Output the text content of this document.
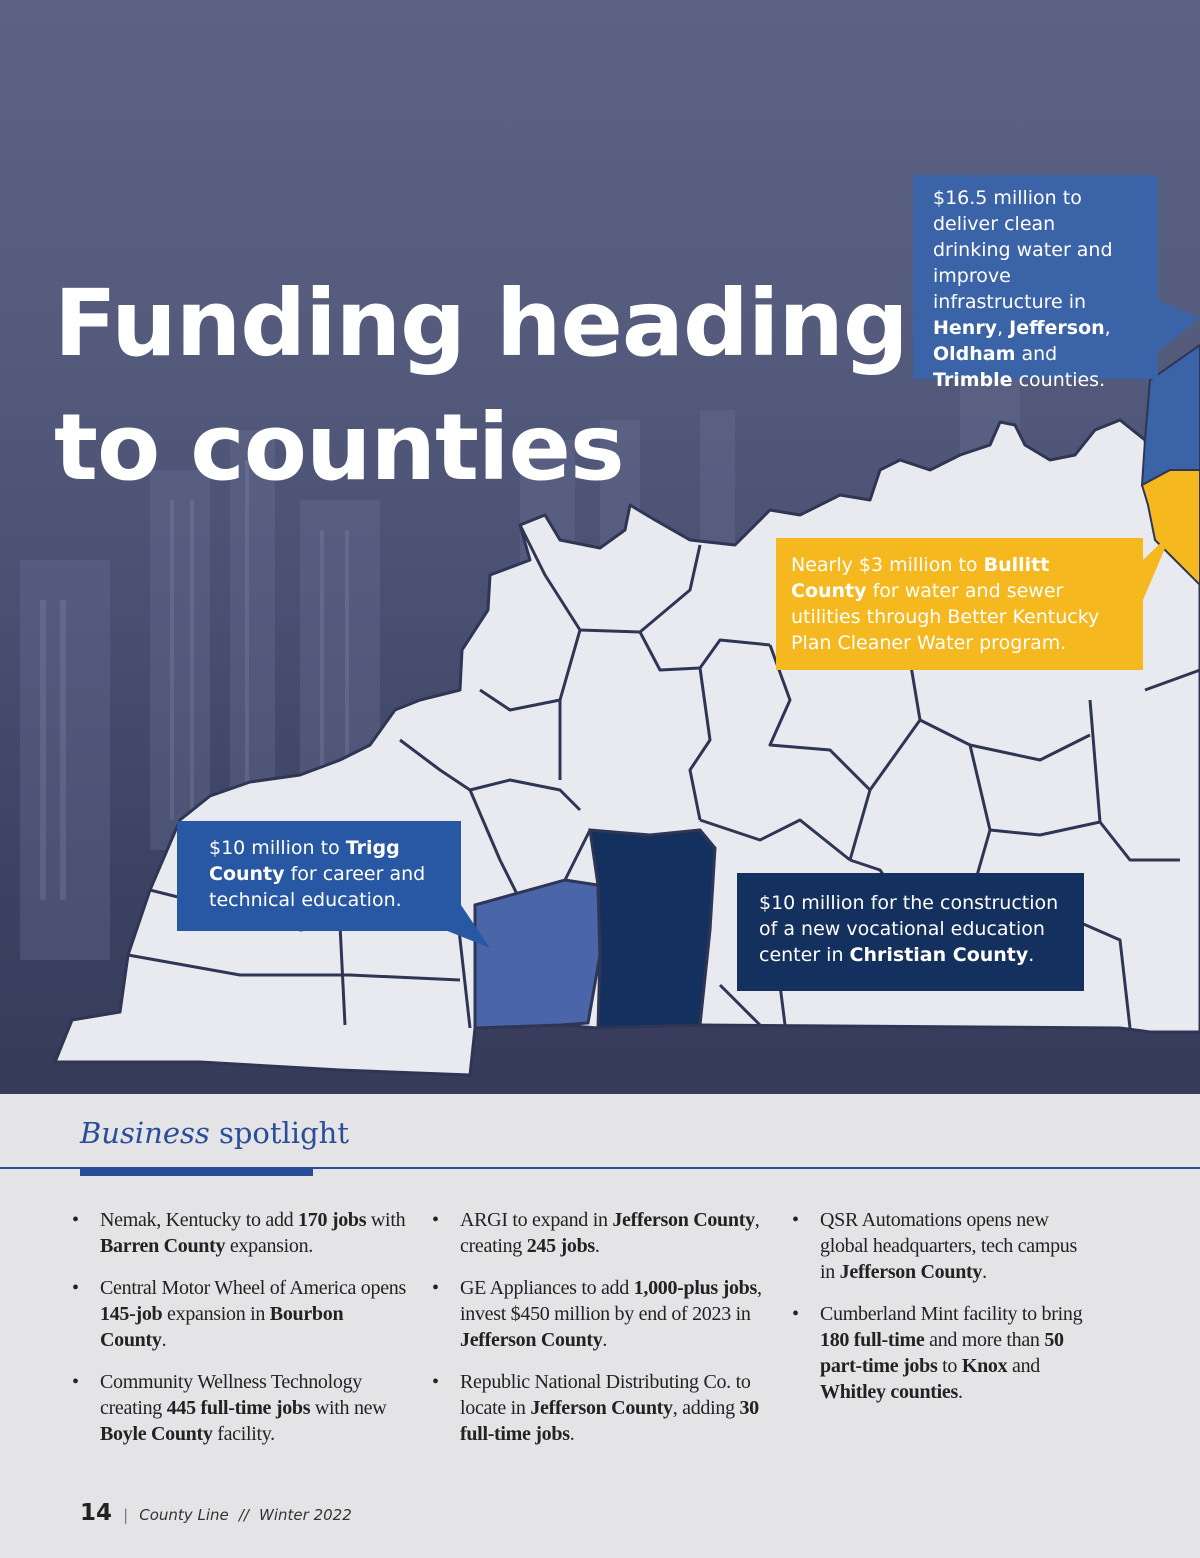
Funding heading
to counties
$16.5 million to deliver clean drinking water and improve infrastructure in Henry, Jefferson,
Oldham and
Trimble counties.
Nearly $3 million to Bullitt County for water and sewer utilities through Better Kentucky Plan Cleaner Water program.
$10 million to Trigg County for career and technical education.	$10 million for the construction of a new vocational education center in Christian County.
Business spotlight
• Nemak, Kentucky to add 170 jobs with Barren County expansion.
• Central Motor Wheel of America opens 145-job expansion in Bourbon County.
• Community Wellness Technology creating 445 full-time jobs with new Boyle County facility.
• ARGI to expand in Jefferson County, creating 245 jobs.
• GE Appliances to add 1,000-plus jobs, invest $450 million by end of 2023 in Jefferson County.
• Republic National Distributing Co. to locate in Jefferson County, adding 30 full-time jobs.
• QSR Automations opens new global headquarters, tech campus in Jefferson County.
• Cumberland Mint facility to bring 180 full-time and more than 50 part-time jobs to Knox and Whitley counties.
14 | County Line // Winter 2022
